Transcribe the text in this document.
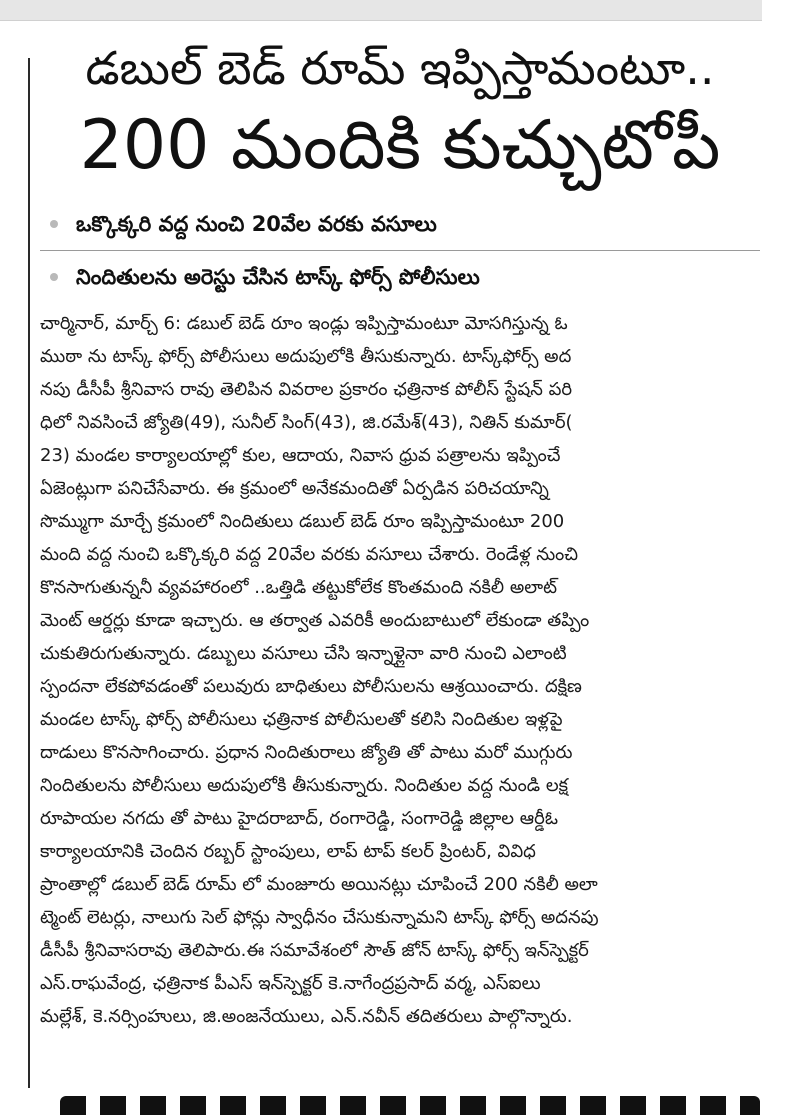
డబుల్ బెడ్ రూమ్ ఇప్పిస్తామంటూ..
200 మందికి కుచ్చుటోపీ
ఒక్కొక్కరి వద్ద నుంచి 20వేల వరకు వసూలు
నిందితులను అరెస్టు చేసిన టాస్క్ ఫోర్స్ పోలీసులు
చార్మినార్, మార్చ్ 6: డబుల్ బెడ్ రూం ఇండ్లు ఇప్పిస్తామంటూ మోసగిస్తున్న ఓ
ముఠా ను టాస్క్ ఫోర్స్ పోలీసులు అదుపులోకి తీసుకున్నారు. టాస్క్‌ఫోర్స్ అద
నపు డీసీపీ శ్రీనివాస రావు తెలిపిన వివరాల ప్రకారం ఛత్రినాక పోలీస్ స్టేషన్ పరి
ధిలో నివసించే జ్యోతి(49), సునీల్ సింగ్(43), జి.రమేశ్(43), నితిన్ కుమార్(
23) మండల కార్యాలయాల్లో కుల, ఆదాయ, నివాస ధ్రువ పత్రాలను ఇప్పించే
ఏజెంట్లుగా పనిచేసేవారు. ఈ క్రమంలో అనేకమందితో ఏర్పడిన పరిచయాన్ని
సొమ్ముగా మార్చే క్రమంలో నిందితులు డబుల్ బెడ్ రూం ఇప్పిస్తామంటూ 200
మంది వద్ద నుంచి ఒక్కొక్కరి వద్ద 20వేల వరకు వసూలు చేశారు. రెండేళ్ల నుంచి
కొనసాగుతున్ననీ వ్యవహారంలో ..ఒత్తిడి తట్టుకోలేక కొంతమంది నకిలీ అలాట్
మెంట్ ఆర్డర్లు కూడా ఇచ్చారు. ఆ తర్వాత ఎవరికీ అందుబాటులో లేకుండా తప్పిం
చుకుతిరుగుతున్నారు. డబ్బులు వసూలు చేసి ఇన్నాళ్లైనా వారి నుంచి ఎలాంటి
స్పందనా లేకపోవడంతో పలువురు బాధితులు పోలీసులను ఆశ్రయించారు. దక్షిణ
మండల టాస్క్ ఫోర్స్ పోలీసులు ఛత్రినాక పోలీసులతో కలిసి నిందితుల ఇళ్లపై
దాడులు కొనసాగించారు. ప్రధాన నిందితురాలు జ్యోతి తో పాటు మరో ముగ్గురు
నిందితులను పోలీసులు అదుపులోకి తీసుకున్నారు. నిందితుల వద్ద నుండి లక్ష
రూపాయల నగదు తో పాటు హైదరాబాద్, రంగారెడ్డి, సంగారెడ్డి జిల్లాల ఆర్డీఓ
కార్యాలయానికి చెందిన రబ్బర్ స్టాంపులు, లాప్ టాప్ కలర్ ప్రింటర్, వివిధ
ప్రాంతాల్లో డబుల్ బెడ్ రూమ్ లో మంజూరు అయినట్లు చూపించే 200 నకిలీ అలా
ట్మెంట్ లెటర్లు, నాలుగు సెల్ ఫోన్లు స్వాధీనం చేసుకున్నామని టాస్క్ ఫోర్స్ అదనపు
డీసీపీ శ్రీనివాసరావు తెలిపారు.ఈ సమావేశంలో సౌత్ జోన్ టాస్క్ ఫోర్స్ ఇన్‌స్పెక్టర్
ఎస్.రాఘవేంద్ర, ఛత్రినాక పీఎస్ ఇన్‌స్పెక్టర్ కె.నాగేంద్రప్రసాద్ వర్మ, ఎస్ఐలు
మల్లేశ్, కె.నర్సింహులు, జి.అంజనేయులు, ఎన్.నవీన్ తదితరులు పాల్గొన్నారు.
